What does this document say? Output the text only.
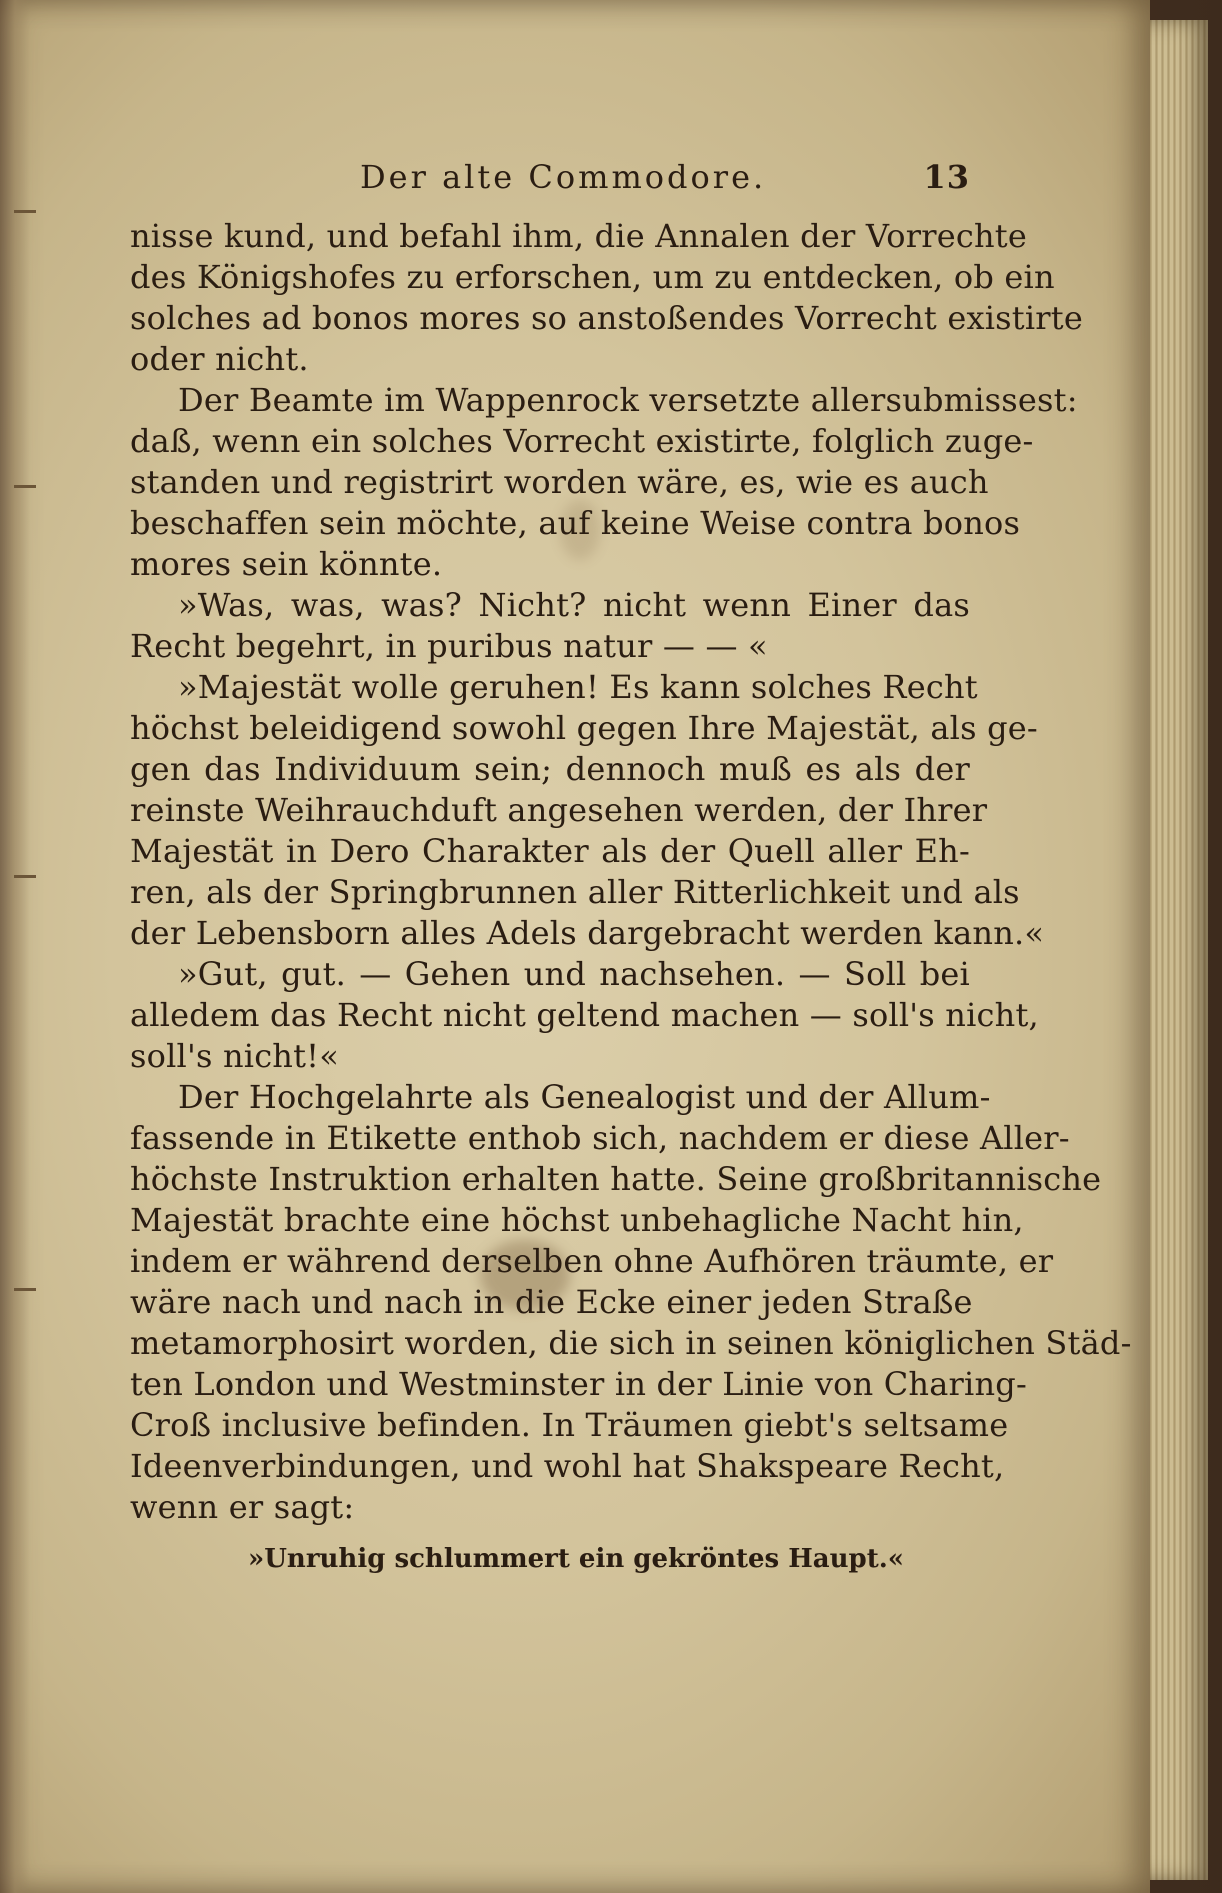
Der alte Commodore.	13
nisse kund, und befahl ihm, die Annalen der Vorrechte
des Königshofes zu erforschen, um zu entdecken, ob ein
solches ad bonos mores so anstoßendes Vorrecht existirte
oder nicht.
Der Beamte im Wappenrock versetzte allersubmissest:
daß, wenn ein solches Vorrecht existirte, folglich zuge-
standen und registrirt worden wäre, es, wie es auch
beschaffen sein möchte, auf keine Weise contra bonos
mores sein könnte.
»Was, was, was? Nicht? nicht wenn Einer das
Recht begehrt, in puribus natur — — «
»Majestät wolle geruhen! Es kann solches Recht
höchst beleidigend sowohl gegen Ihre Majestät, als ge-
gen das Individuum sein; dennoch muß es als der
reinste Weihrauchduft angesehen werden, der Ihrer
Majestät in Dero Charakter als der Quell aller Eh-
ren, als der Springbrunnen aller Ritterlichkeit und als
der Lebensborn alles Adels dargebracht werden kann.«
»Gut, gut. — Gehen und nachsehen. — Soll bei
alledem das Recht nicht geltend machen — soll's nicht,
soll's nicht!«
Der Hochgelahrte als Genealogist und der Allum-
fassende in Etikette enthob sich, nachdem er diese Aller-
höchste Instruktion erhalten hatte. Seine großbritannische
Majestät brachte eine höchst unbehagliche Nacht hin,
indem er während derselben ohne Aufhören träumte, er
wäre nach und nach in die Ecke einer jeden Straße
metamorphosirt worden, die sich in seinen königlichen Städ-
ten London und Westminster in der Linie von Charing-
Croß inclusive befinden. In Träumen giebt's seltsame
Ideenverbindungen, und wohl hat Shakspeare Recht,
wenn er sagt:
»Unruhig schlummert ein gekröntes Haupt.«
